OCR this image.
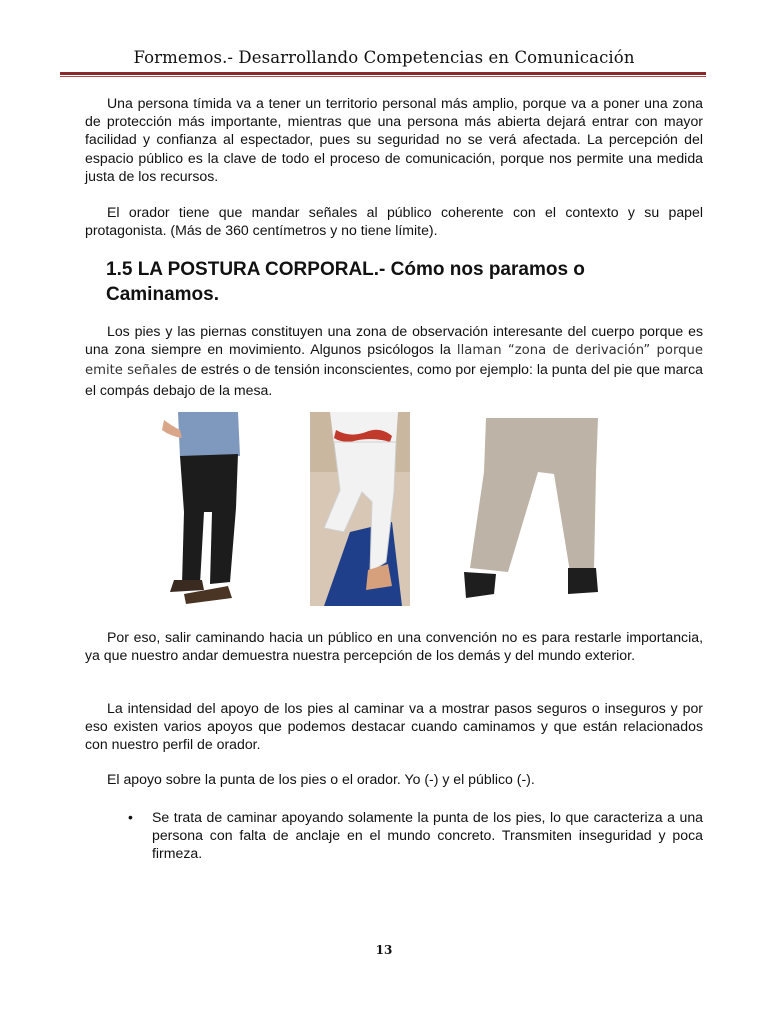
Formemos.- Desarrollando Competencias en Comunicación

Una persona tímida va a tener un territorio personal más amplio, porque va a poner una zona de protección más importante, mientras que una persona más abierta dejará entrar con mayor facilidad y confianza al espectador, pues su seguridad no se verá afectada. La percepción del espacio público es la clave de todo el proceso de comunicación, porque nos permite una medida justa de los recursos.

El orador tiene que mandar señales al público coherente con el contexto y su papel protagonista. (Más de 360 centímetros y no tiene límite).

1.5 LA POSTURA CORPORAL.- Cómo nos paramos o Caminamos.

Los pies y las piernas constituyen una zona de observación interesante del cuerpo porque es una zona siempre en movimiento. Algunos psicólogos la llaman “zona de derivación” porque emite señales de estrés o de tensión inconscientes, como por ejemplo: la punta del pie que marca el compás debajo de la mesa.

Por eso, salir caminando hacia un público en una convención no es para restarle importancia, ya que nuestro andar demuestra nuestra percepción de los demás y del mundo exterior.

La intensidad del apoyo de los pies al caminar va a mostrar pasos seguros o inseguros y por eso existen varios apoyos que podemos destacar cuando caminamos y que están relacionados con nuestro perfil de orador.

El apoyo sobre la punta de los pies o el orador. Yo (-) y el público (-).

• Se trata de caminar apoyando solamente la punta de los pies, lo que caracteriza a una persona con falta de anclaje en el mundo concreto. Transmiten inseguridad y poca firmeza.

13
